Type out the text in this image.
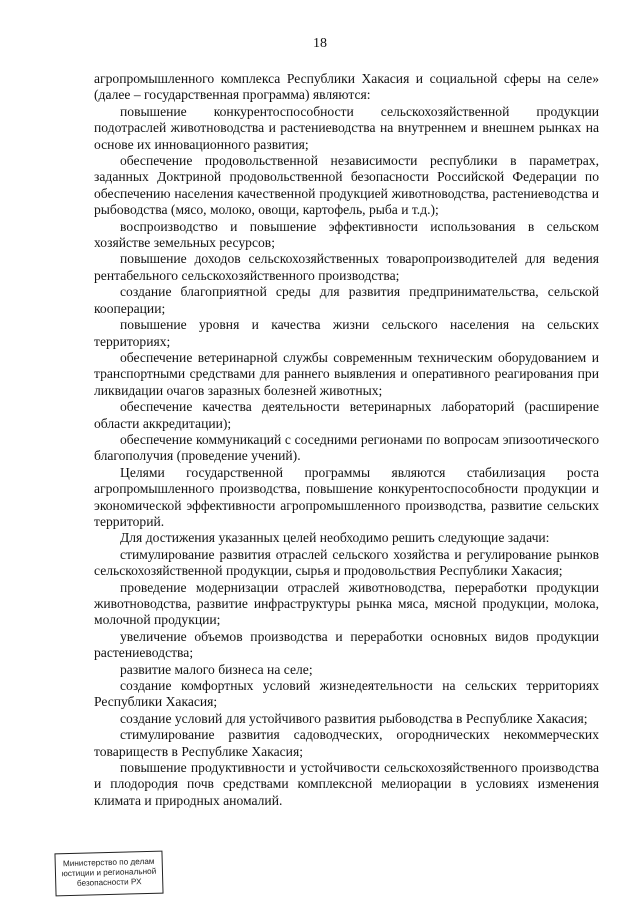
18

агропромышленного комплекса Республики Хакасия и социальной сферы на селе» (далее – государственная программа) являются:

повышение конкурентоспособности сельскохозяйственной продукции подотраслей животноводства и растениеводства на внутреннем и внешнем рынках на основе их инновационного развития;

обеспечение продовольственной независимости республики в параметрах, заданных Доктриной продовольственной безопасности Российской Федерации по обеспечению населения качественной продукцией животноводства, растениеводства и рыбоводства (мясо, молоко, овощи, картофель, рыба и т.д.);

воспроизводство и повышение эффективности использования в сельском хозяйстве земельных ресурсов;

повышение доходов сельскохозяйственных товаропроизводителей для ведения рентабельного сельскохозяйственного производства;

создание благоприятной среды для развития предпринимательства, сельской кооперации;

повышение уровня и качества жизни сельского населения на сельских территориях;

обеспечение ветеринарной службы современным техническим оборудованием и транспортными средствами для раннего выявления и оперативного реагирования при ликвидации очагов заразных болезней животных;

обеспечение качества деятельности ветеринарных лабораторий (расширение области аккредитации);

обеспечение коммуникаций с соседними регионами по вопросам эпизоотического благополучия (проведение учений).

Целями государственной программы являются стабилизация роста агропромышленного производства, повышение конкурентоспособности продукции и экономической эффективности агропромышленного производства, развитие сельских территорий.

Для достижения указанных целей необходимо решить следующие задачи:

стимулирование развития отраслей сельского хозяйства и регулирование рынков сельскохозяйственной продукции, сырья и продовольствия Республики Хакасия;

проведение модернизации отраслей животноводства, переработки продукции животноводства, развитие инфраструктуры рынка мяса, мясной продукции, молока, молочной продукции;

увеличение объемов производства и переработки основных видов продукции растениеводства;

развитие малого бизнеса на селе;

создание комфортных условий жизнедеятельности на сельских территориях Республики Хакасия;

создание условий для устойчивого развития рыбоводства в Республике Хакасия;

стимулирование развития садоводческих, огороднических некоммерческих товариществ в Республике Хакасия;

повышение продуктивности и устойчивости сельскохозяйственного производства и плодородия почв средствами комплексной мелиорации в условиях изменения климата и природных аномалий.

Министерство по делам
юстиции и региональной
безопасности РХ
